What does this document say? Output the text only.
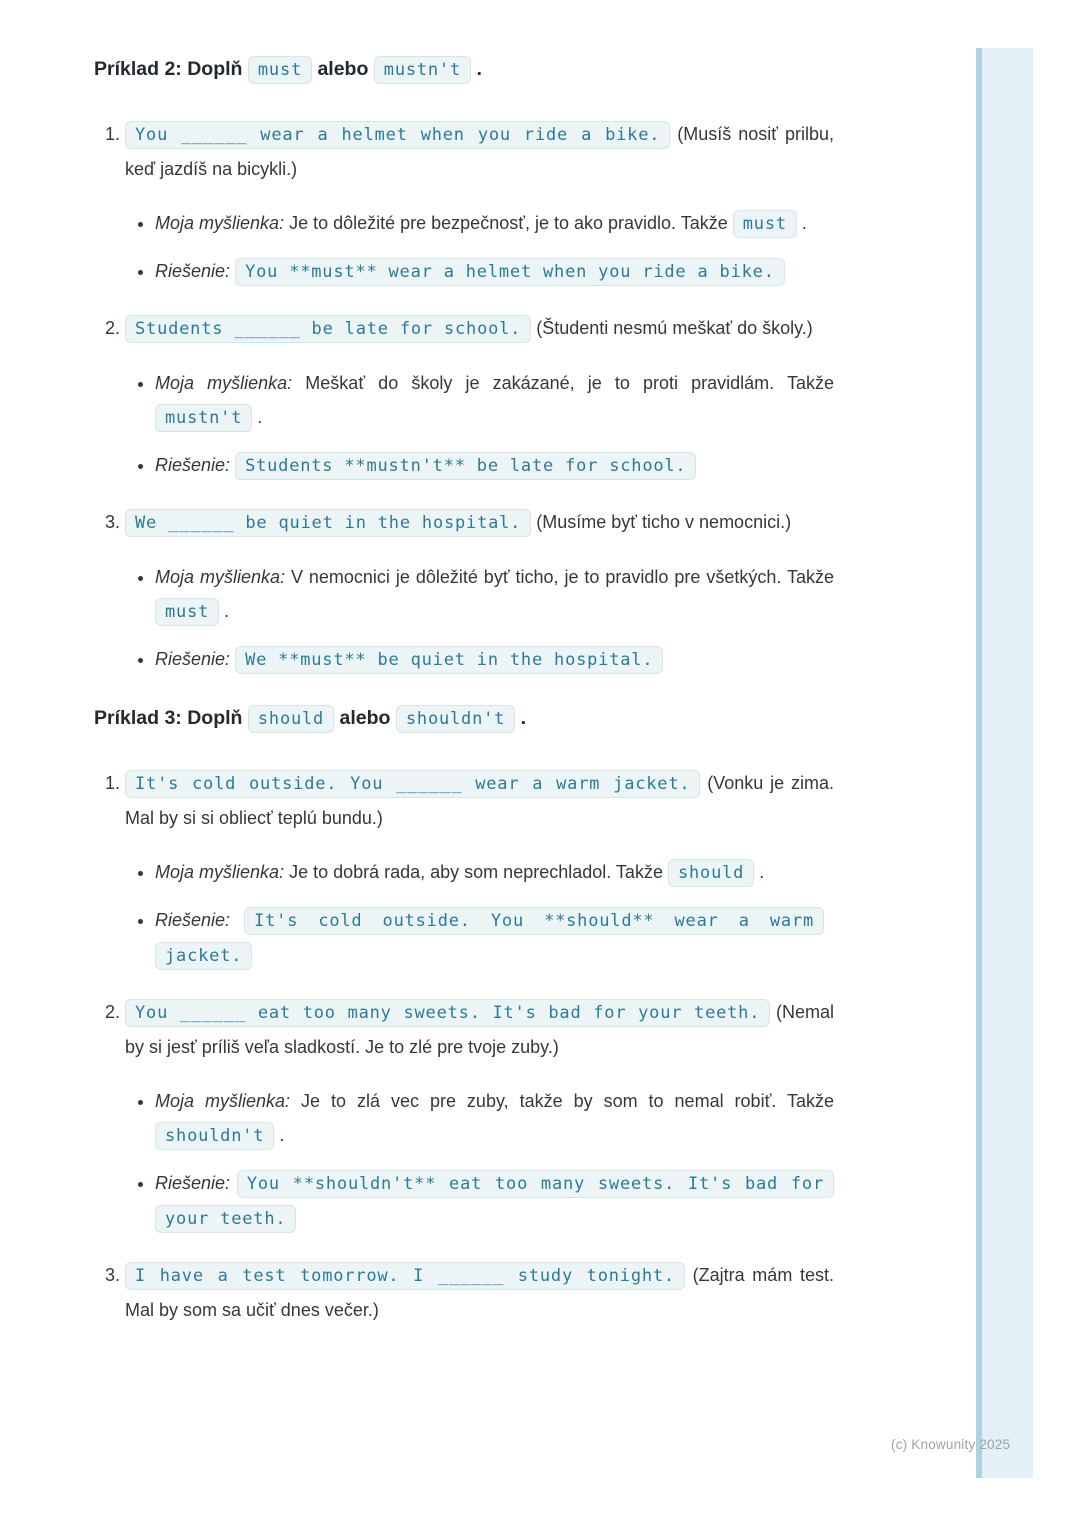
(c) Knowunity 2025
Príklad 2: Doplň must alebo mustn't .
1. You ______ wear a helmet when you ride a bike. (Musíš nosiť prilbu, keď jazdíš na bicykli.)
• Moja myšlienka: Je to dôležité pre bezpečnosť, je to ako pravidlo. Takže must .
• Riešenie: You **must** wear a helmet when you ride a bike.
2. Students ______ be late for school. (Študenti nesmú meškať do školy.)
• Moja myšlienka: Meškať do školy je zakázané, je to proti pravidlám. Takže mustn't .
• Riešenie: Students **mustn't** be late for school.
3. We ______ be quiet in the hospital. (Musíme byť ticho v nemocnici.)
• Moja myšlienka: V nemocnici je dôležité byť ticho, je to pravidlo pre všetkých. Takže must .
• Riešenie: We **must** be quiet in the hospital.
Príklad 3: Doplň should alebo shouldn't .
1. It's cold outside. You ______ wear a warm jacket. (Vonku je zima. Mal by si si obliecť teplú bundu.)
• Moja myšlienka: Je to dobrá rada, aby som neprechladol. Takže should .
• Riešenie: It's cold outside. You **should** wear a warm jacket.
2. You ______ eat too many sweets. It's bad for your teeth. (Nemal by si jesť príliš veľa sladkostí. Je to zlé pre tvoje zuby.)
• Moja myšlienka: Je to zlá vec pre zuby, takže by som to nemal robiť. Takže shouldn't .
• Riešenie: You **shouldn't** eat too many sweets. It's bad for your teeth.
3. I have a test tomorrow. I ______ study tonight. (Zajtra mám test. Mal by som sa učiť dnes večer.)
